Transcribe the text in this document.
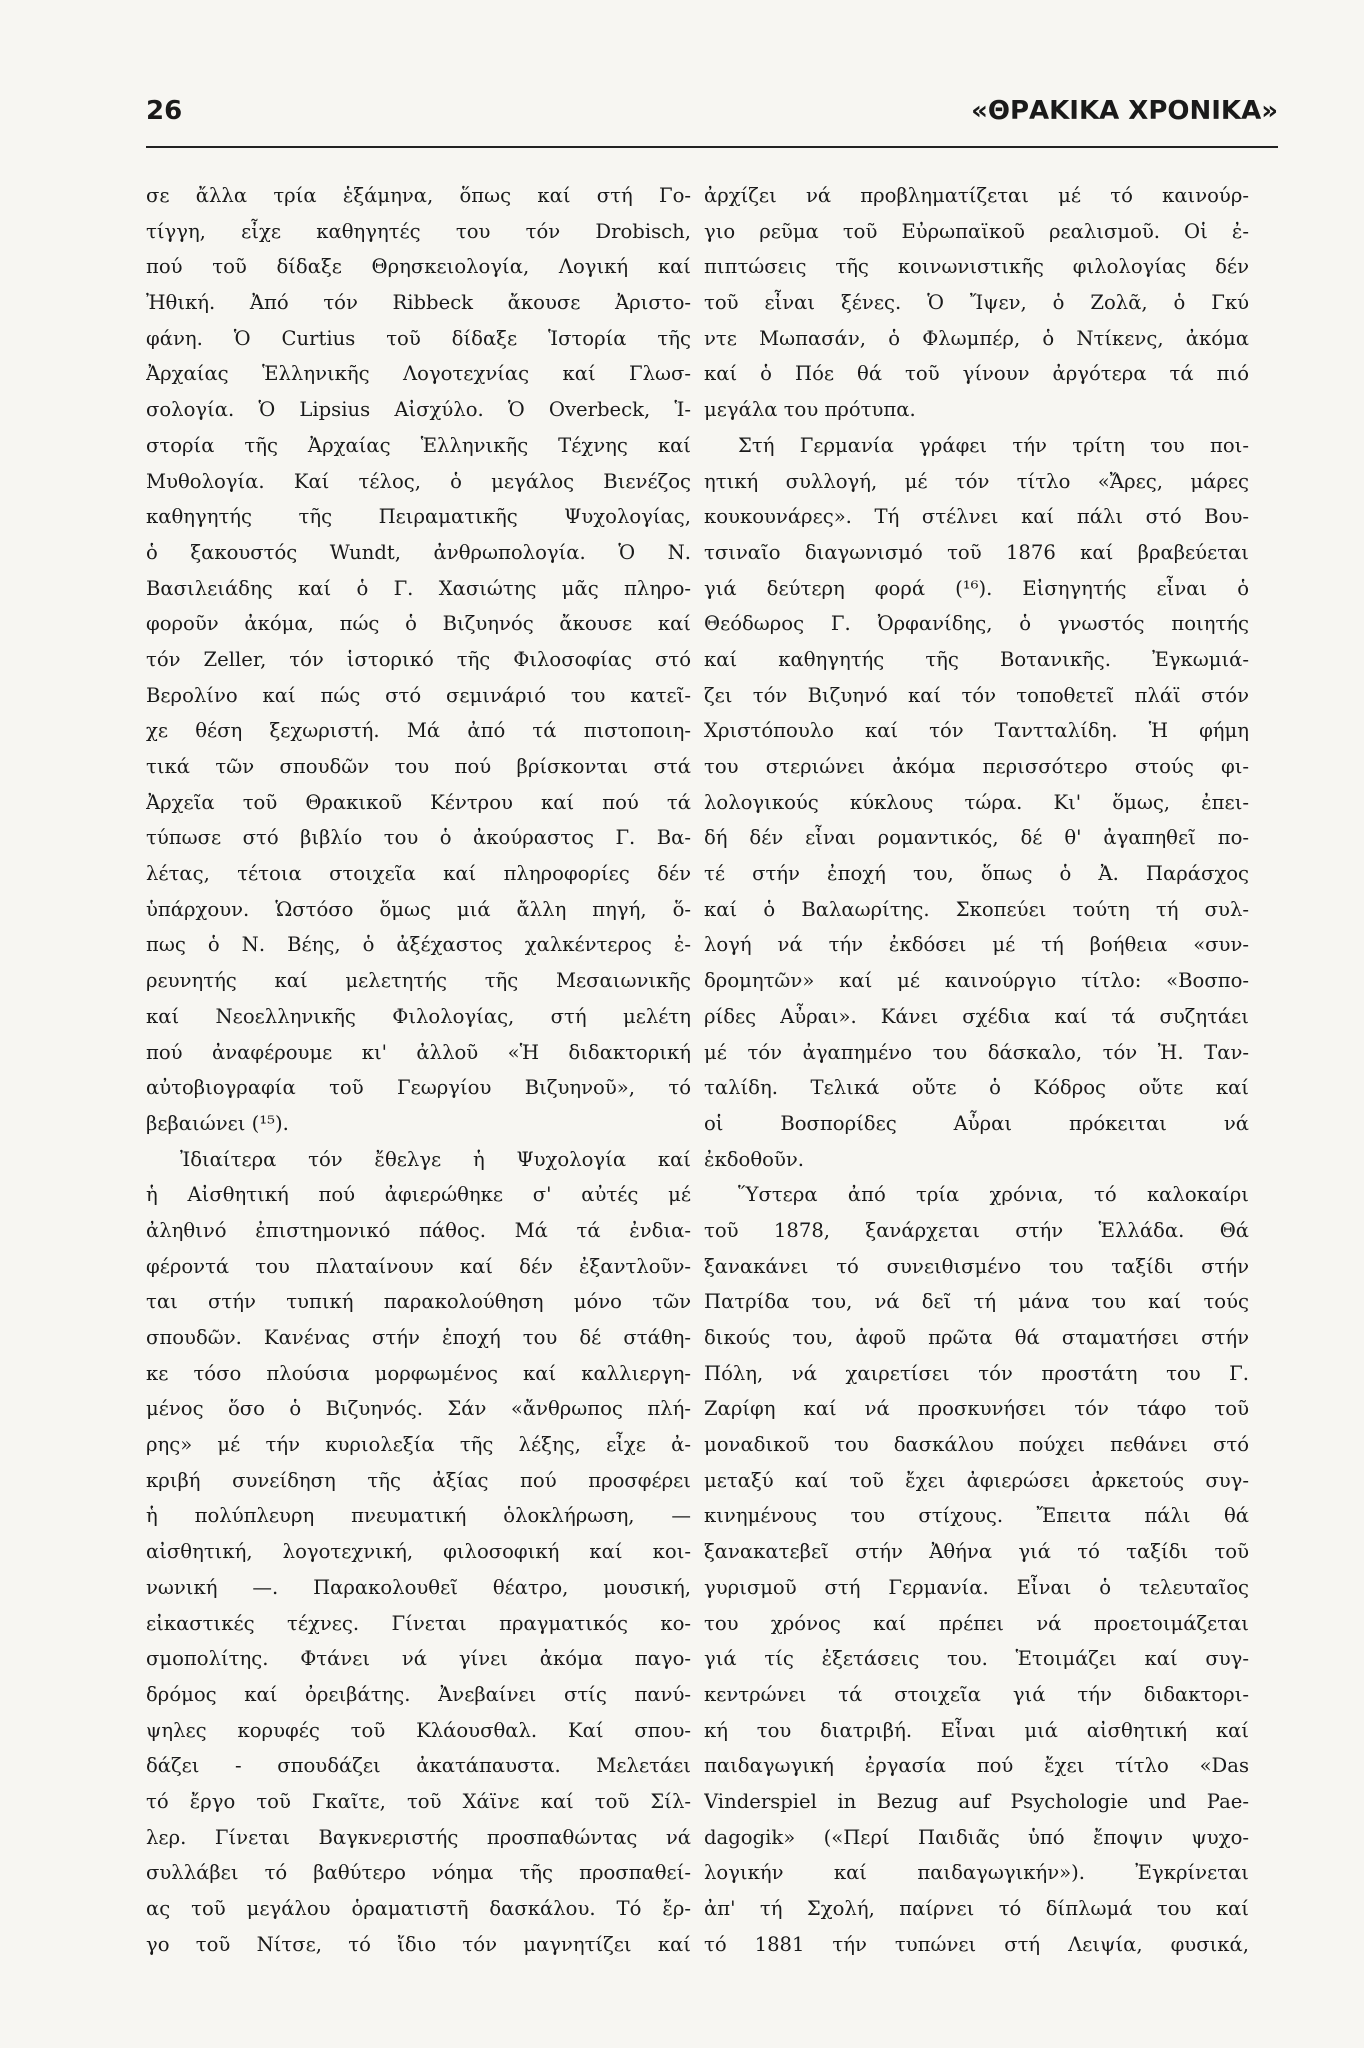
26	«ΘΡΑΚΙΚΑ ΧΡΟΝΙΚΑ»
σε ἄλλα τρία ἑξάμηνα, ὅπως καί στή Γο-
τίγγη, εἶχε καθηγητές του τόν Drobisch,
πού τοῦ δίδαξε Θρησκειολογία, Λογική καί
Ἠθική. Ἀπό τόν Ribbeck ἄκουσε Ἀριστο-
φάνη. Ὁ Curtius τοῦ δίδαξε Ἱστορία τῆς
Ἀρχαίας Ἑλληνικῆς Λογοτεχνίας καί Γλωσ-
σολογία. Ὁ Lipsius Αἰσχύλο. Ὁ Overbeck, Ἱ-
στορία τῆς Ἀρχαίας Ἑλληνικῆς Τέχνης καί
Μυθολογία. Καί τέλος, ὁ μεγάλος Βιενέζος
καθηγητής τῆς Πειραματικῆς Ψυχολογίας,
ὁ ξακουστός Wundt, ἀνθρωπολογία. Ὁ Ν.
Βασιλειάδης καί ὁ Γ. Χασιώτης μᾶς πληρο-
φοροῦν ἀκόμα, πώς ὁ Βιζυηνός ἄκουσε καί
τόν Zeller, τόν ἱστορικό τῆς Φιλοσοφίας στό
Βερολίνο καί πώς στό σεμινάριό του κατεῖ-
χε θέση ξεχωριστή. Μά ἀπό τά πιστοποιη-
τικά τῶν σπουδῶν του πού βρίσκονται στά
Ἀρχεῖα τοῦ Θρακικοῦ Κέντρου καί πού τά
τύπωσε στό βιβλίο του ὁ ἀκούραστος Γ. Βα-
λέτας, τέτοια στοιχεῖα καί πληροφορίες δέν
ὑπάρχουν. Ὡστόσο ὅμως μιά ἄλλη πηγή, ὅ-
πως ὁ Ν. Βέης, ὁ ἀξέχαστος χαλκέντερος ἐ-
ρευνητής καί μελετητής τῆς Μεσαιωνικῆς
καί Νεοελληνικῆς Φιλολογίας, στή μελέτη
πού ἀναφέρουμε κι' ἀλλοῦ «Ἡ διδακτορική
αὐτοβιογραφία τοῦ Γεωργίου Βιζυηνοῦ», τό
βεβαιώνει (¹⁵).
Ἰδιαίτερα τόν ἔθελγε ἡ Ψυχολογία καί
ἡ Αἰσθητική πού ἀφιερώθηκε σ' αὐτές μέ
ἀληθινό ἐπιστημονικό πάθος. Μά τά ἐνδια-
φέροντά του πλαταίνουν καί δέν ἐξαντλοῦν-
ται στήν τυπική παρακολούθηση μόνο τῶν
σπουδῶν. Κανένας στήν ἐποχή του δέ στάθη-
κε τόσο πλούσια μορφωμένος καί καλλιεργη-
μένος ὅσο ὁ Βιζυηνός. Σάν «ἄνθρωπος πλή-
ρης» μέ τήν κυριολεξία τῆς λέξης, εἶχε ἀ-
κριβή συνείδηση τῆς ἀξίας πού προσφέρει
ἡ πολύπλευρη πνευματική ὁλοκλήρωση, —
αἰσθητική, λογοτεχνική, φιλοσοφική καί κοι-
νωνική —. Παρακολουθεῖ θέατρο, μουσική,
εἰκαστικές τέχνες. Γίνεται πραγματικός κο-
σμοπολίτης. Φτάνει νά γίνει ἀκόμα παγο-
δρόμος καί ὀρειβάτης. Ἀνεβαίνει στίς πανύ-
ψηλες κορυφές τοῦ Κλάουσθαλ. Καί σπου-
δάζει - σπουδάζει ἀκατάπαυστα. Μελετάει
τό ἔργο τοῦ Γκαῖτε, τοῦ Χάϊνε καί τοῦ Σίλ-
λερ. Γίνεται Βαγκνεριστής προσπαθώντας νά
συλλάβει τό βαθύτερο νόημα τῆς προσπαθεί-
ας τοῦ μεγάλου ὁραματιστῆ δασκάλου. Τό ἔρ-
γο τοῦ Νίτσε, τό ἴδιο τόν μαγνητίζει καί
ἀρχίζει νά προβληματίζεται μέ τό καινούρ-
γιο ρεῦμα τοῦ Εὐρωπαϊκοῦ ρεαλισμοῦ. Οἱ ἐ-
πιπτώσεις τῆς κοινωνιστικῆς φιλολογίας δέν
τοῦ εἶναι ξένες. Ὁ Ἴψεν, ὁ Ζολᾶ, ὁ Γκύ
ντε Μωπασάν, ὁ Φλωμπέρ, ὁ Ντίκενς, ἀκόμα
καί ὁ Πόε θά τοῦ γίνουν ἀργότερα τά πιό
μεγάλα του πρότυπα.
Στή Γερμανία γράφει τήν τρίτη του ποι-
ητική συλλογή, μέ τόν τίτλο «Ἄρες, μάρες
κουκουνάρες». Τή στέλνει καί πάλι στό Βου-
τσιναῖο διαγωνισμό τοῦ 1876 καί βραβεύεται
γιά δεύτερη φορά (¹⁶). Εἰσηγητής εἶναι ὁ
Θεόδωρος Γ. Ὀρφανίδης, ὁ γνωστός ποιητής
καί καθηγητής τῆς Βοτανικῆς. Ἐγκωμιά-
ζει τόν Βιζυηνό καί τόν τοποθετεῖ πλάϊ στόν
Χριστόπουλο καί τόν Ταντταλίδη. Ἡ φήμη
του στεριώνει ἀκόμα περισσότερο στούς φι-
λολογικούς κύκλους τώρα. Κι' ὅμως, ἐπει-
δή δέν εἶναι ρομαντικός, δέ θ' ἀγαπηθεῖ πο-
τέ στήν ἐποχή του, ὅπως ὁ Ἀ. Παράσχος
καί ὁ Βαλαωρίτης. Σκοπεύει τούτη τή συλ-
λογή νά τήν ἐκδόσει μέ τή βοήθεια «συν-
δρομητῶν» καί μέ καινούργιο τίτλο: «Βοσπο-
ρίδες Αὖραι». Κάνει σχέδια καί τά συζητάει
μέ τόν ἀγαπημένο του δάσκαλο, τόν Ἠ. Ταν-
ταλίδη. Τελικά οὔτε ὁ Κόδρος οὔτε καί
οἱ Βοσπορίδες Αὖραι πρόκειται νά
ἐκδοθοῦν.
Ὕστερα ἀπό τρία χρόνια, τό καλοκαίρι
τοῦ 1878, ξανάρχεται στήν Ἑλλάδα. Θά
ξανακάνει τό συνειθισμένο του ταξίδι στήν
Πατρίδα του, νά δεῖ τή μάνα του καί τούς
δικούς του, ἀφοῦ πρῶτα θά σταματήσει στήν
Πόλη, νά χαιρετίσει τόν προστάτη του Γ.
Ζαρίφη καί νά προσκυνήσει τόν τάφο τοῦ
μοναδικοῦ του δασκάλου πούχει πεθάνει στό
μεταξύ καί τοῦ ἔχει ἀφιερώσει ἀρκετούς συγ-
κινημένους του στίχους. Ἔπειτα πάλι θά
ξανακατεβεῖ στήν Ἀθήνα γιά τό ταξίδι τοῦ
γυρισμοῦ στή Γερμανία. Εἶναι ὁ τελευταῖος
του χρόνος καί πρέπει νά προετοιμάζεται
γιά τίς ἐξετάσεις του. Ἑτοιμάζει καί συγ-
κεντρώνει τά στοιχεῖα γιά τήν διδακτορι-
κή του διατριβή. Εἶναι μιά αἰσθητική καί
παιδαγωγική ἐργασία πού ἔχει τίτλο «Das
Vinderspiel in Bezug auf Psychologie und Pae-
dagogik» («Περί Παιδιᾶς ὑπό ἔποψιν ψυχο-
λογικήν καί παιδαγωγικήν»). Ἐγκρίνεται
ἀπ' τή Σχολή, παίρνει τό δίπλωμά του καί
τό 1881 τήν τυπώνει στή Λειψία, φυσικά,
